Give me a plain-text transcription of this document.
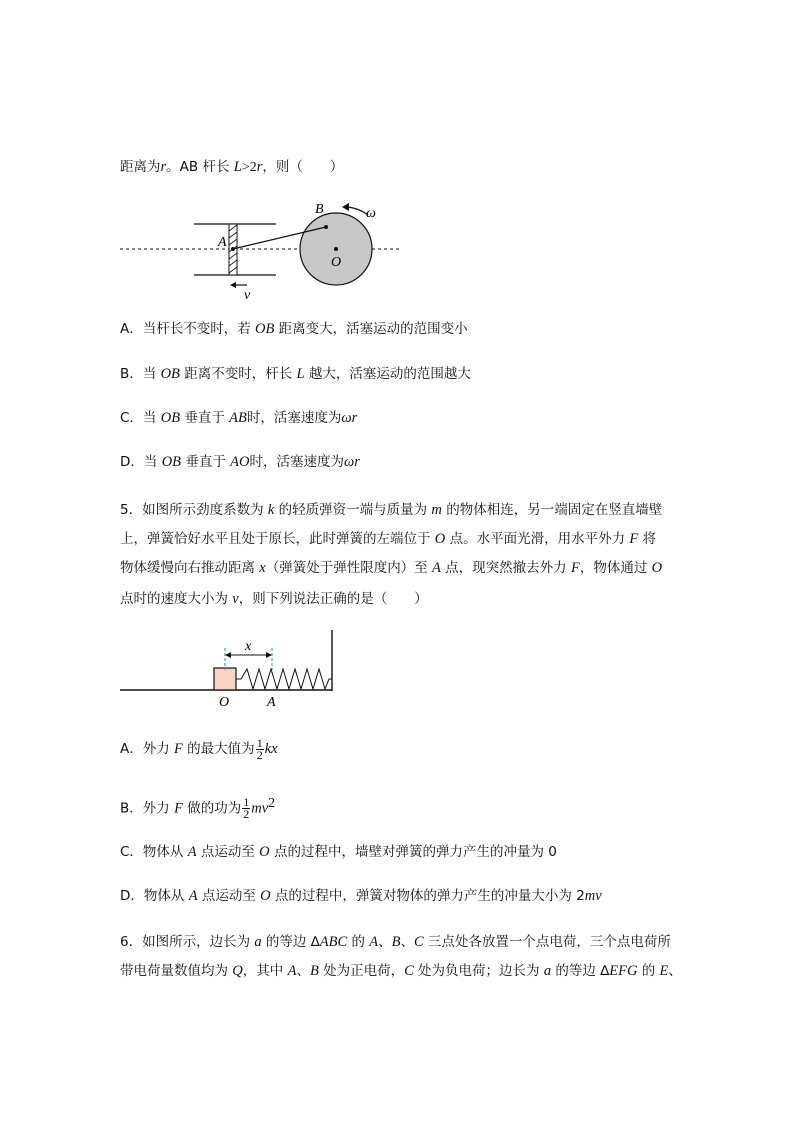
距离为r。AB 杆长 L>2r，则（　　）
B	ω
A
O
v
A．当杆长不变时，若 OB 距离变大，活塞运动的范围变小
B．当 OB 距离不变时，杆长 L 越大，活塞运动的范围越大
C．当 OB 垂直于 AB时，活塞速度为ωr
D．当 OB 垂直于 AO时，活塞速度为ωr
5．如图所示劲度系数为 k 的轻质弹资一端与质量为 m 的物体相连，另一端固定在竖直墙壁
上，弹簧恰好水平且处于原长，此时弹簧的左端位于 O 点。水平面光滑，用水平外力 F 将
物体缓慢向右推动距离 x（弹簧处于弹性限度内）至 A 点，现突然撤去外力 F，物体通过 O
点时的速度大小为 v，则下列说法正确的是（　　）
x
O	A
A．外力 F 的最大值为 $\frac{1}{2}$ kx
B．外力 F 做的功为 $\frac{1}{2} mv^2$
C．物体从 A 点运动至 O 点的过程中，墙壁对弹簧的弹力产生的冲量为 0
D．物体从 A 点运动至 O 点的过程中，弹簧对物体的弹力产生的冲量大小为 2mv
6．如图所示，边长为 a 的等边 ∆ABC 的 A、B、C 三点处各放置一个点电荷，三个点电荷所
带电荷量数值均为 Q，其中 A、B 处为正电荷，C 处为负电荷；边长为 a 的等边 ∆EFG 的 E、
